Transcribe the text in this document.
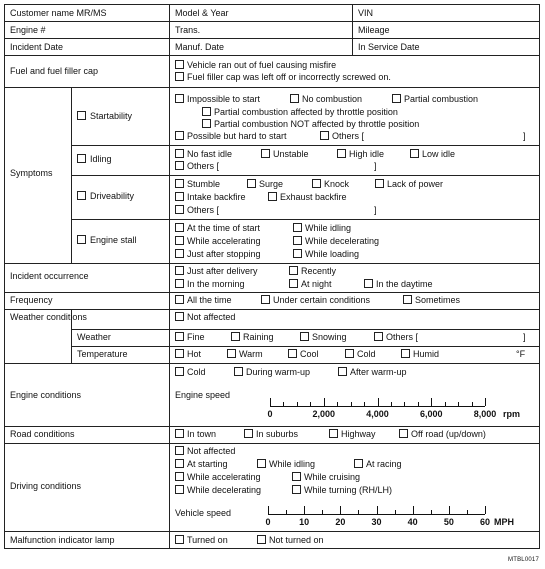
Customer name MR/MS	Model & Year	VIN
Engine #	Trans.	Mileage
Incident Date	Manuf. Date	In Service Date
Fuel and fuel filler cap
Vehicle ran out of fuel causing misfire
Fuel filler cap was left off or incorrectly screwed on.
Symptoms
Startability
Impossible to start	No combustion	Partial combustion
Partial combustion affected by throttle position
Partial combustion NOT affected by throttle position
Possible but hard to start	Others [	]
Idling	No fast idle	Unstable	High idle	Low idle
Others [	]
Driveability
Stumble	Surge	Knock	Lack of power
Intake backfire	Exhaust backfire
Others [	]
Engine stall
At the time of start	While idling
While accelerating	While decelerating
Just after stopping	While loading
Incident occurrence	Just after delivery	Recently
In the morning	At night	In the daytime
Frequency	All the time	Under certain conditions	Sometimes
Weather conditions	Not affected
Weather	Fine	Raining	Snowing	Others [	]
Temperature	Hot	Warm	Cool	Cold	Humid	°F
Engine conditions
Cold	During warm-up	After warm-up
Engine speed
0	2,000	4,000	6,000	8,000 rpm
Road conditions	In town	In suburbs	Highway	Off road (up/down)
Driving conditions
Not affected
At starting	While idling	At racing
While accelerating	While cruising
While decelerating	While turning (RH/LH)
Vehicle speed
0	10	20	30	40	50	60 MPH
Malfunction indicator lamp	Turned on	Not turned on
MTBL0017
